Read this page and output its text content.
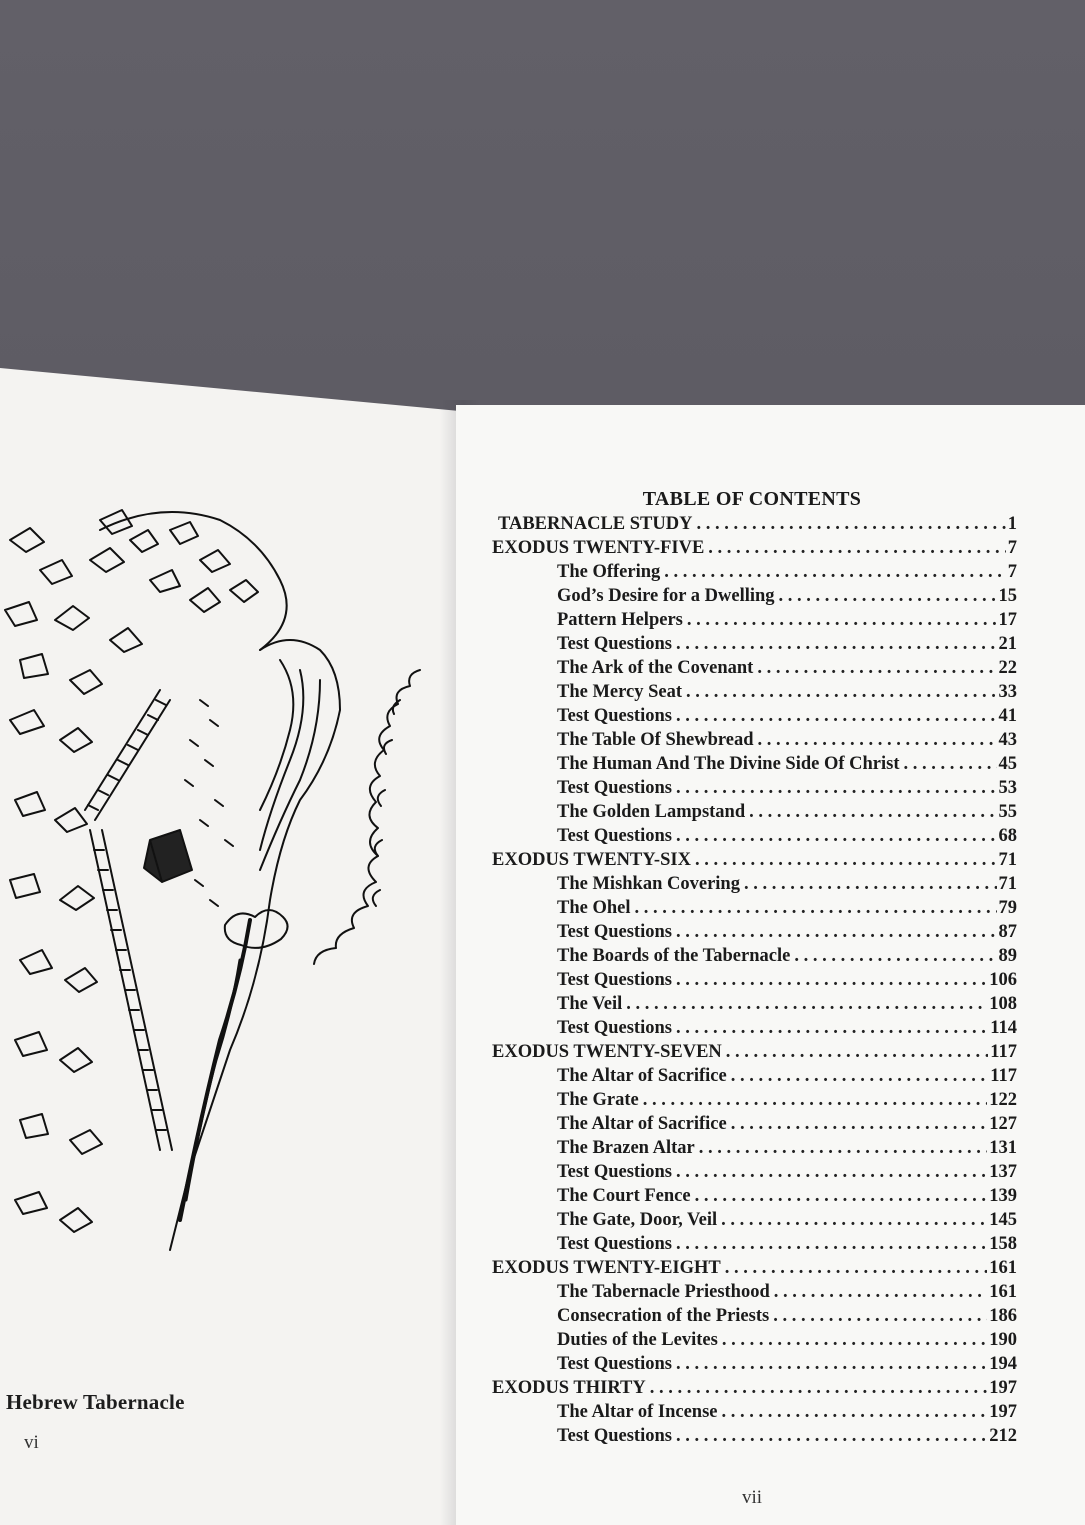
Hebrew Tabernacle
vi
TABLE OF CONTENTS
TABERNACLE STUDY . . .	1
EXODUS TWENTY-FIVE . . .	7
The Offering . . .	7
God’s Desire for a Dwelling . . .	15
Pattern Helpers . . .	17
Test Questions . . .	21
The Ark of the Covenant . . .	22
The Mercy Seat . . .	33
Test Questions . . .	41
The Table Of Shewbread . . .	43
The Human And The Divine Side Of Christ . . .	45
Test Questions . . .	53
The Golden Lampstand . . .	55
Test Questions . . .	68
EXODUS TWENTY-SIX . . .	71
The Mishkan Covering . . .	71
The Ohel . . .	79
Test Questions . . .	87
The Boards of the Tabernacle . . .	89
Test Questions . . .	106
The Veil . . .	108
Test Questions . . .	114
EXODUS TWENTY-SEVEN . . .	117
The Altar of Sacrifice . . .	117
The Grate . . .	122
The Altar of Sacrifice . . .	127
The Brazen Altar . . .	131
Test Questions . . .	137
The Court Fence . . .	139
The Gate, Door, Veil . . .	145
Test Questions . . .	158
EXODUS TWENTY-EIGHT . . .	161
The Tabernacle Priesthood . . .	161
Consecration of the Priests . . .	186
Duties of the Levites . . .	190
Test Questions . . .	194
EXODUS THIRTY . . .	197
The Altar of Incense . . .	197
Test Questions . . .	212
vii
